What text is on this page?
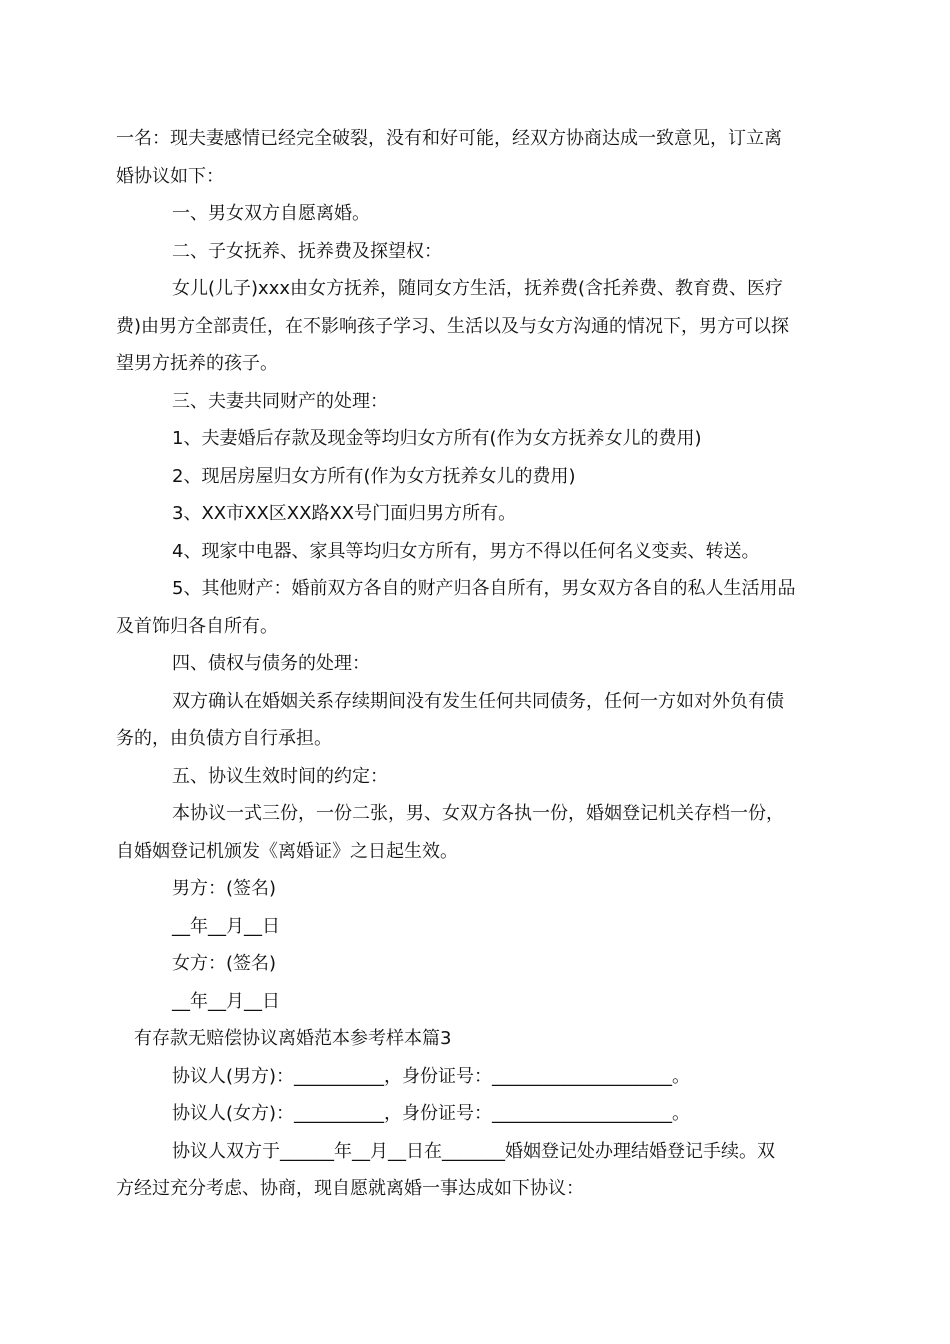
一名：现夫妻感情已经完全破裂，没有和好可能，经双方协商达成一致意见，订立离
婚协议如下：
一、男女双方自愿离婚。
二、子女抚养、抚养费及探望权：
女儿(儿子)xxx由女方抚养，随同女方生活，抚养费(含托养费、教育费、医疗
费)由男方全部责任，在不影响孩子学习、生活以及与女方沟通的情况下，男方可以探
望男方抚养的孩子。
三、夫妻共同财产的处理：
1、夫妻婚后存款及现金等均归女方所有(作为女方抚养女儿的费用)
2、现居房屋归女方所有(作为女方抚养女儿的费用)
3、XX市XX区XX路XX号门面归男方所有。
4、现家中电器、家具等均归女方所有，男方不得以任何名义变卖、转送。
5、其他财产：婚前双方各自的财产归各自所有，男女双方各自的私人生活用品
及首饰归各自所有。
四、债权与债务的处理：
双方确认在婚姻关系存续期间没有发生任何共同债务，任何一方如对外负有债
务的，由负债方自行承担。
五、协议生效时间的约定：
本协议一式三份，一份二张，男、女双方各执一份，婚姻登记机关存档一份，
自婚姻登记机颁发《离婚证》之日起生效。
男方：(签名)
__年__月__日
女方：(签名)
__年__月__日
有存款无赔偿协议离婚范本参考样本篇3
协议人(男方)：__________，身份证号：____________________。
协议人(女方)：__________，身份证号：____________________。
协议人双方于______年__月__日在_______婚姻登记处办理结婚登记手续。双
方经过充分考虑、协商，现自愿就离婚一事达成如下协议：
